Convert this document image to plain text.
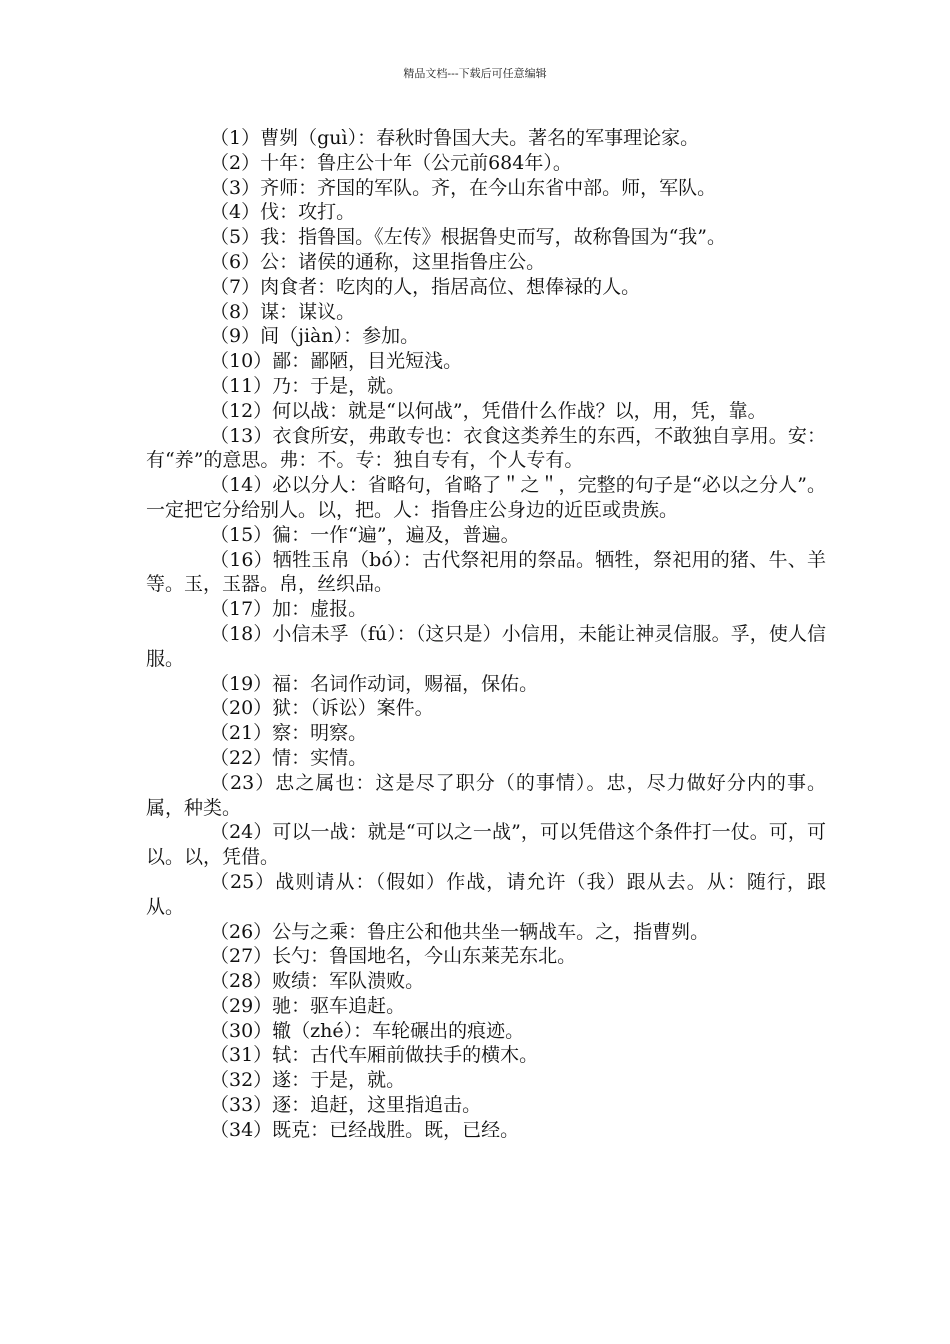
精品文档---下载后可任意编辑

（1）曹刿（guì）：春秋时鲁国大夫。著名的军事理论家。

（2）十年：鲁庄公十年（公元前684年）。

（3）齐师：齐国的军队。齐，在今山东省中部。师，军队。

（4）伐：攻打。

（5）我：指鲁国。《左传》根据鲁史而写，故称鲁国为“我”。

（6）公：诸侯的通称，这里指鲁庄公。

（7）肉食者：吃肉的人，指居高位、想俸禄的人。

（8）谋：谋议。

（9）间（jiàn）：参加。

（10）鄙：鄙陋，目光短浅。

（11）乃：于是，就。

（12）何以战：就是“以何战”，凭借什么作战？以，用，凭，靠。

（13）衣食所安，弗敢专也：衣食这类养生的东西，不敢独自享用。安：有“养”的意思。弗：不。专：独自专有，个人专有。

（14）必以分人：省略句，省略了＂之＂，完整的句子是“必以之分人”。一定把它分给别人。以，把。人：指鲁庄公身边的近臣或贵族。

（15）徧：一作“遍”，遍及，普遍。

（16）牺牲玉帛（bó）：古代祭祀用的祭品。牺牲，祭祀用的猪、牛、羊等。玉，玉器。帛，丝织品。

（17）加：虚报。

（18）小信未孚（fú）：（这只是）小信用，未能让神灵信服。孚，使人信服。

（19）福：名词作动词，赐福，保佑。

（20）狱：（诉讼）案件。

（21）察：明察。

（22）情：实情。

（23）忠之属也：这是尽了职分（的事情）。忠，尽力做好分内的事。属，种类。

（24）可以一战：就是“可以之一战”，可以凭借这个条件打一仗。可，可以。以，凭借。

（25）战则请从：（假如）作战，请允许（我）跟从去。从：随行，跟从。

（26）公与之乘：鲁庄公和他共坐一辆战车。之，指曹刿。

（27）长勺：鲁国地名，今山东莱芜东北。

（28）败绩：军队溃败。

（29）驰：驱车追赶。

（30）辙（zhé）：车轮碾出的痕迹。

（31）轼：古代车厢前做扶手的横木。

（32）遂：于是，就。

（33）逐：追赶，这里指追击。

（34）既克：已经战胜。既，已经。
